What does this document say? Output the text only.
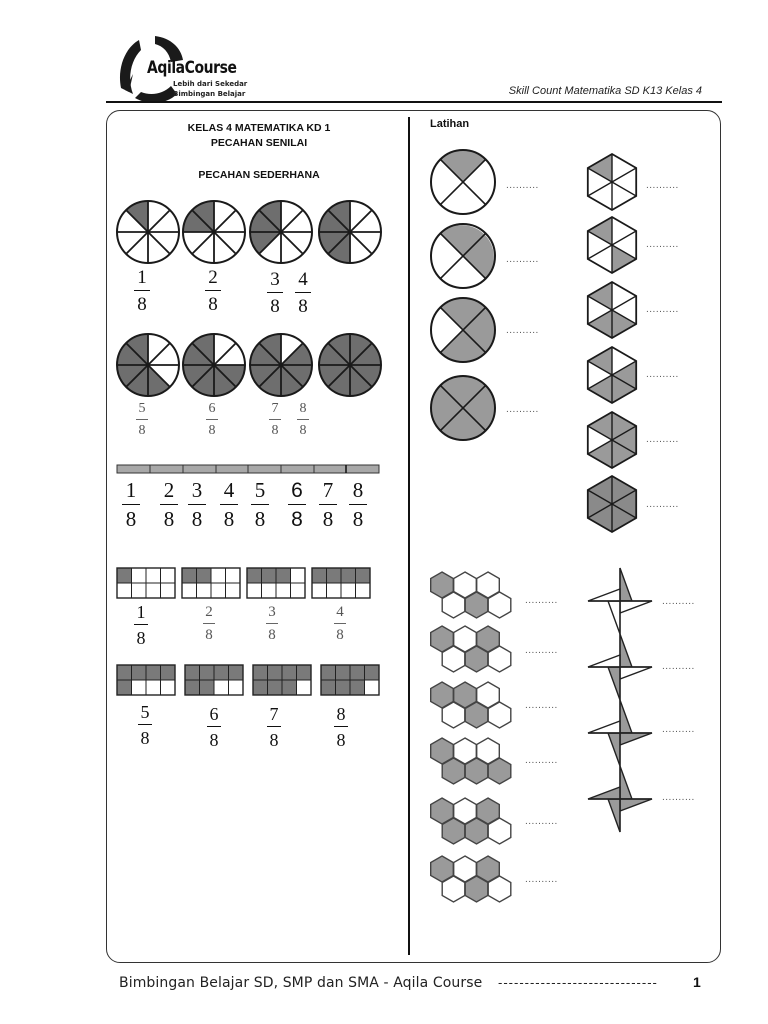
AqilaCourse
Lebih dari Sekedar
Bimbingan Belajar	Skill Count Matematika SD K13 Kelas 4
KELAS 4 MATEMATIKA KD 1
PECAHAN SENILAI
PECAHAN SEDERHANA
1
8
2
8
3
8
4
8
5
8
6
8
7
8
8
8
1
8
2
8
3
8
4
8
5
8
6
8
7
8
8
8
1
8
2
8
3
8
4
8
5
8
6
8
7
8
8
8
Latihan
..........
..........
..........
..........
..........
..........
..........
..........
..........
..........
..........
..........
..........
..........
..........
..........
..........
..........
..........
..........
Bimbingan Belajar SD, SMP dan SMA - Aqila Course ------------------------------	1
